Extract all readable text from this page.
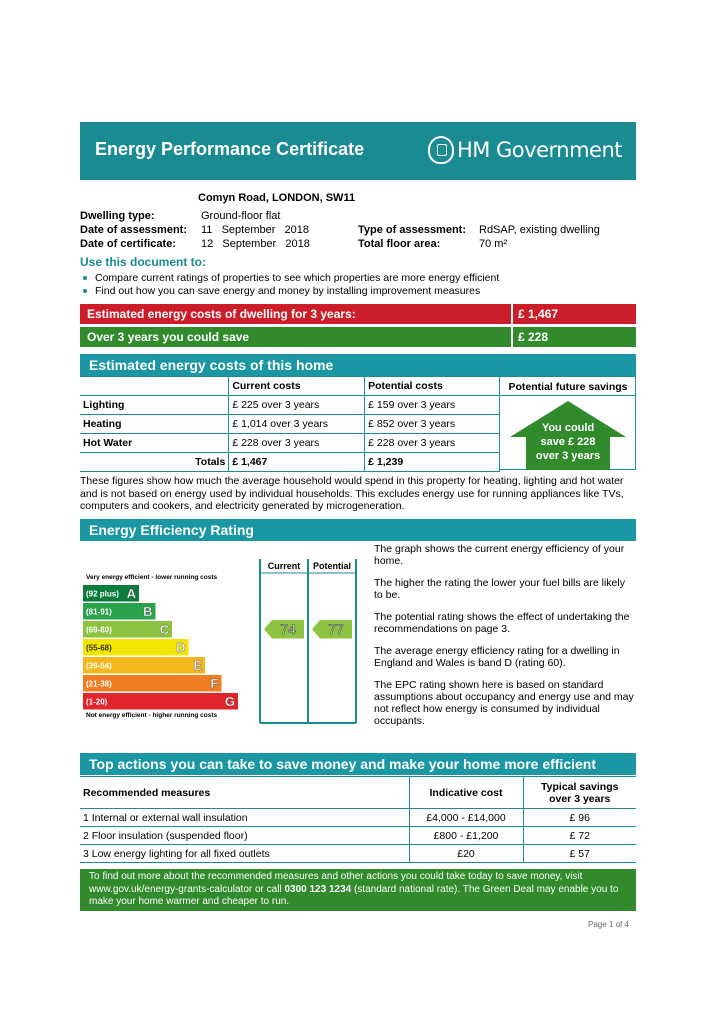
Energy Performance Certificate	HM Government
Comyn Road, LONDON, SW11
Dwelling type:	Ground-floor flat
Date of assessment: 11   September   2018
Date of certificate: 12   September   2018
Type of assessment: RdSAP, existing dwelling
Total floor area:	70 m²
Use this document to:
Compare current ratings of properties to see which properties are more energy efficient
Find out how you can save energy and money by installing improvement measures
Estimated energy costs of dwelling for 3 years:	£ 1,467
Over 3 years you could save	£ 228
Estimated energy costs of this home
	Current costs	Potential costs
Lighting	£ 225 over 3 years	£ 159 over 3 years
Heating	£ 1,014 over 3 years	£ 852 over 3 years
Hot Water	£ 228 over 3 years	£ 228 over 3 years
Totals	£ 1,467	£ 1,239
Potential future savings
You could
save £ 228
over 3 years
These figures show how much the average household would spend in this property for heating, lighting and hot water and is not based on energy used by individual households. This excludes energy use for running appliances like TVs, computers and cookers, and electricity generated by microgeneration.
Energy Efficiency Rating
Current Potential
Very energy efficient - lower running costs
Not energy efficient - higher running costs
(92 plus) A
(81-91) B
(69-80)	C
(55-68)	D
(39-54)	E
(21-38)	F
(1-20)	G
74 77

The graph shows the current energy efficiency of your home.

The higher the rating the lower your fuel bills are likely to be.

The potential rating shows the effect of undertaking the recommendations on page 3.

The average energy efficiency rating for a dwelling in England and Wales is band D (rating 60).

The EPC rating shown here is based on standard assumptions about occupancy and energy use and may not reflect how energy is consumed by individual occupants.

Top actions you can take to save money and make your home more efficient
Recommended measures	Indicative cost	Typical savings
over 3 years

1 Internal or external wall insulation	£4,000 - £14,000	£ 96
2 Floor insulation (suspended floor)	£800 - £1,200	£ 72
3 Low energy lighting for all fixed outlets	£20	£ 57
To find out more about the recommended measures and other actions you could take today to save money, visit www.gov.uk/energy-grants-calculator or call 0300 123 1234 (standard national rate). The Green Deal may enable you to make your home warmer and cheaper to run.
Page 1 of 4
